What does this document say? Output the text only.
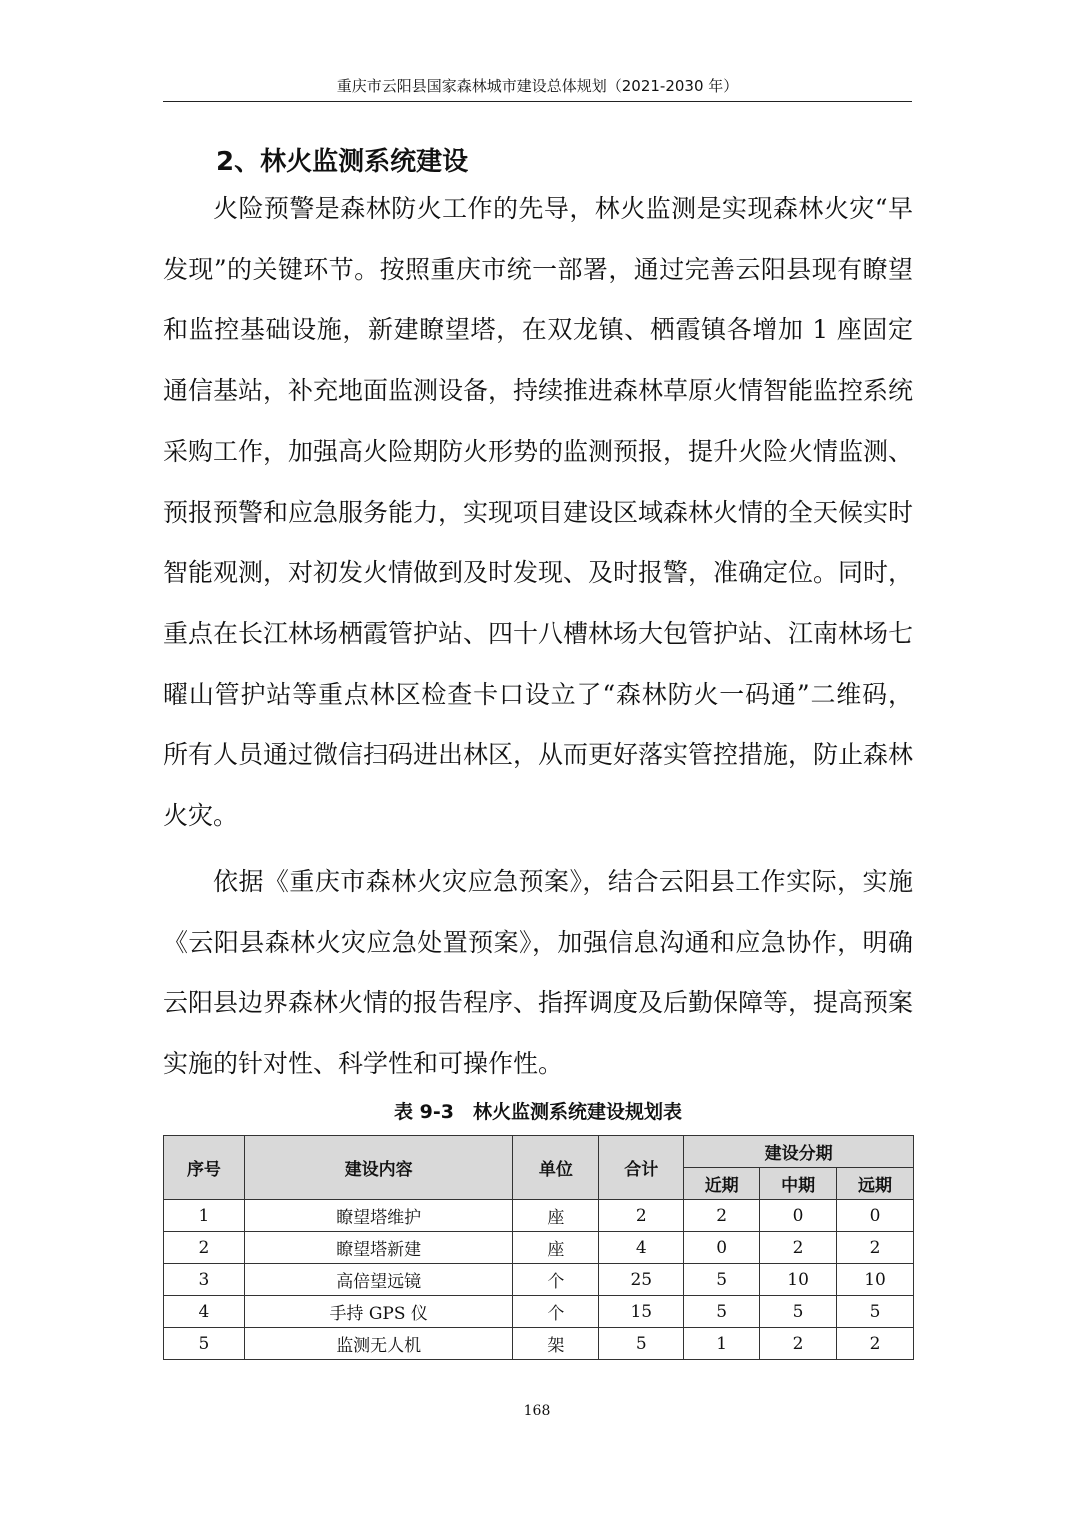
重庆市云阳县国家森林城市建设总体规划（2021-2030 年）
2、林火监测系统建设

火险预警是森林防火工作的先导，林火监测是实现森林火灾“早发现”的关键环节。按照重庆市统一部署，通过完善云阳县现有瞭望和监控基础设施，新建瞭望塔，在双龙镇、栖霞镇各增加 1 座固定通信基站，补充地面监测设备，持续推进森林草原火情智能监控系统采购工作，加强高火险期防火形势的监测预报，提升火险火情监测、预报预警和应急服务能力，实现项目建设区域森林火情的全天候实时智能观测，对初发火情做到及时发现、及时报警，准确定位。同时，重点在长江林场栖霞管护站、四十八槽林场大包管护站、江南林场七曜山管护站等重点林区检查卡口设立了“森林防火一码通”二维码，所有人员通过微信扫码进出林区，从而更好落实管控措施，防止森林火灾。

依据《重庆市森林火灾应急预案》，结合云阳县工作实际，实施《云阳县森林火灾应急处置预案》，加强信息沟通和应急协作，明确云阳县边界森林火情的报告程序、指挥调度及后勤保障等，提高预案实施的针对性、科学性和可操作性。

表 9-3　林火监测系统建设规划表
序号	建设内容	单位	合计	建设分期		
				近期	中期	远期
1	瞭望塔维护	座	2	2	0	0
2	瞭望塔新建	座	4	0	2	2
3	高倍望远镜	个	25	5	10	10
4	手持 GPS 仪	个	15	5	5	5
5	监测无人机	架	5	1	2	2
168
